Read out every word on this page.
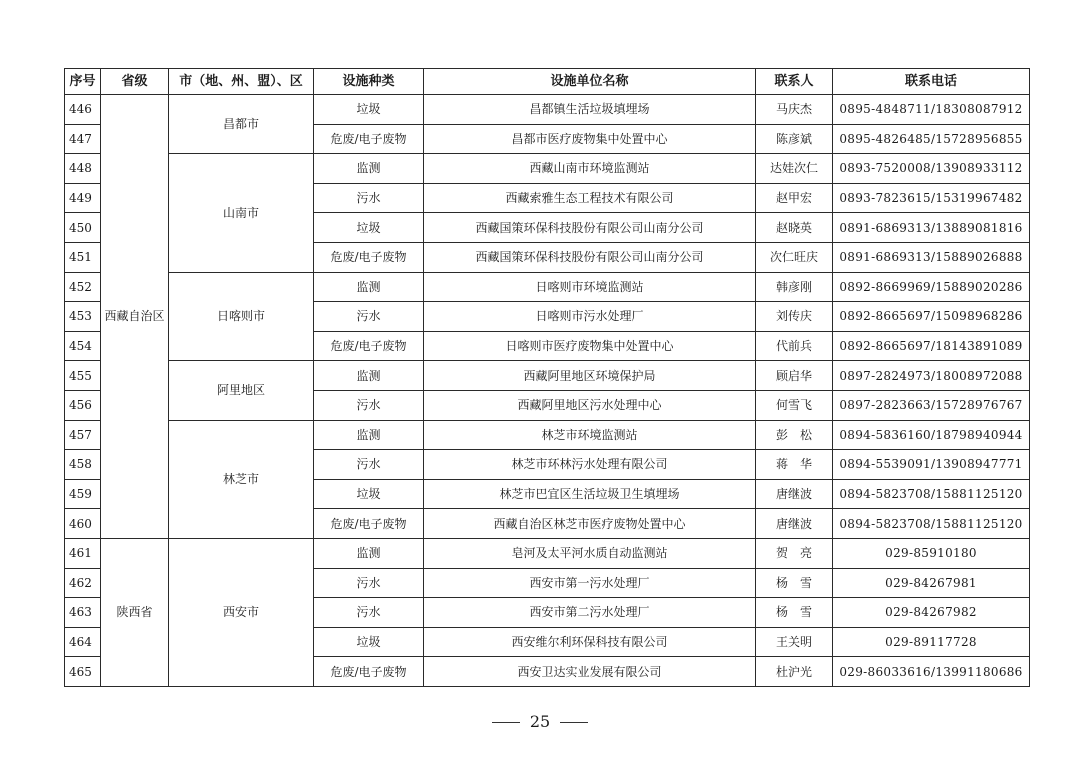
序号	省级	市（地、州、盟）、区	设施种类	设施单位名称	联系人	联系电话
446	西藏自治区	昌都市	垃圾	昌都镇生活垃圾填埋场	马庆杰	0895-4848711/18308087912
447			危废/电子废物	昌都市医疗废物集中处置中心	陈彦斌	0895-4826485/15728956855
448		山南市	监测	西藏山南市环境监测站	达娃次仁	0893-7520008/13908933112
449			污水	西藏索雅生态工程技术有限公司	赵甲宏	0893-7823615/15319967482
450			垃圾	西藏国策环保科技股份有限公司山南分公司	赵晓英	0891-6869313/13889081816
451			危废/电子废物	西藏国策环保科技股份有限公司山南分公司	次仁旺庆	0891-6869313/15889026888
452		日喀则市	监测	日喀则市环境监测站	韩彦刚	0892-8669969/15889020286
453			污水	日喀则市污水处理厂	刘传庆	0892-8665697/15098968286
454			危废/电子废物	日喀则市医疗废物集中处置中心	代前兵	0892-8665697/18143891089
455		阿里地区	监测	西藏阿里地区环境保护局	顾启华	0897-2824973/18008972088
456			污水	西藏阿里地区污水处理中心	何雪飞	0897-2823663/15728976767
457		林芝市	监测	林芝市环境监测站	彭　松	0894-5836160/18798940944
458			污水	林芝市环林污水处理有限公司	蒋　华	0894-5539091/13908947771
459			垃圾	林芝市巴宜区生活垃圾卫生填埋场	唐继波	0894-5823708/15881125120
460			危废/电子废物	西藏自治区林芝市医疗废物处置中心	唐继波	0894-5823708/15881125120
461	陕西省	西安市	监测	皂河及太平河水质自动监测站	贺　亮	029-85910180
462			污水	西安市第一污水处理厂	杨　雪	029-84267981
463			污水	西安市第二污水处理厂	杨　雪	029-84267982
464			垃圾	西安维尔利环保科技有限公司	王关明	029-89117728
465			危废/电子废物	西安卫达实业发展有限公司	杜沪光	029-86033616/13991180686
25
